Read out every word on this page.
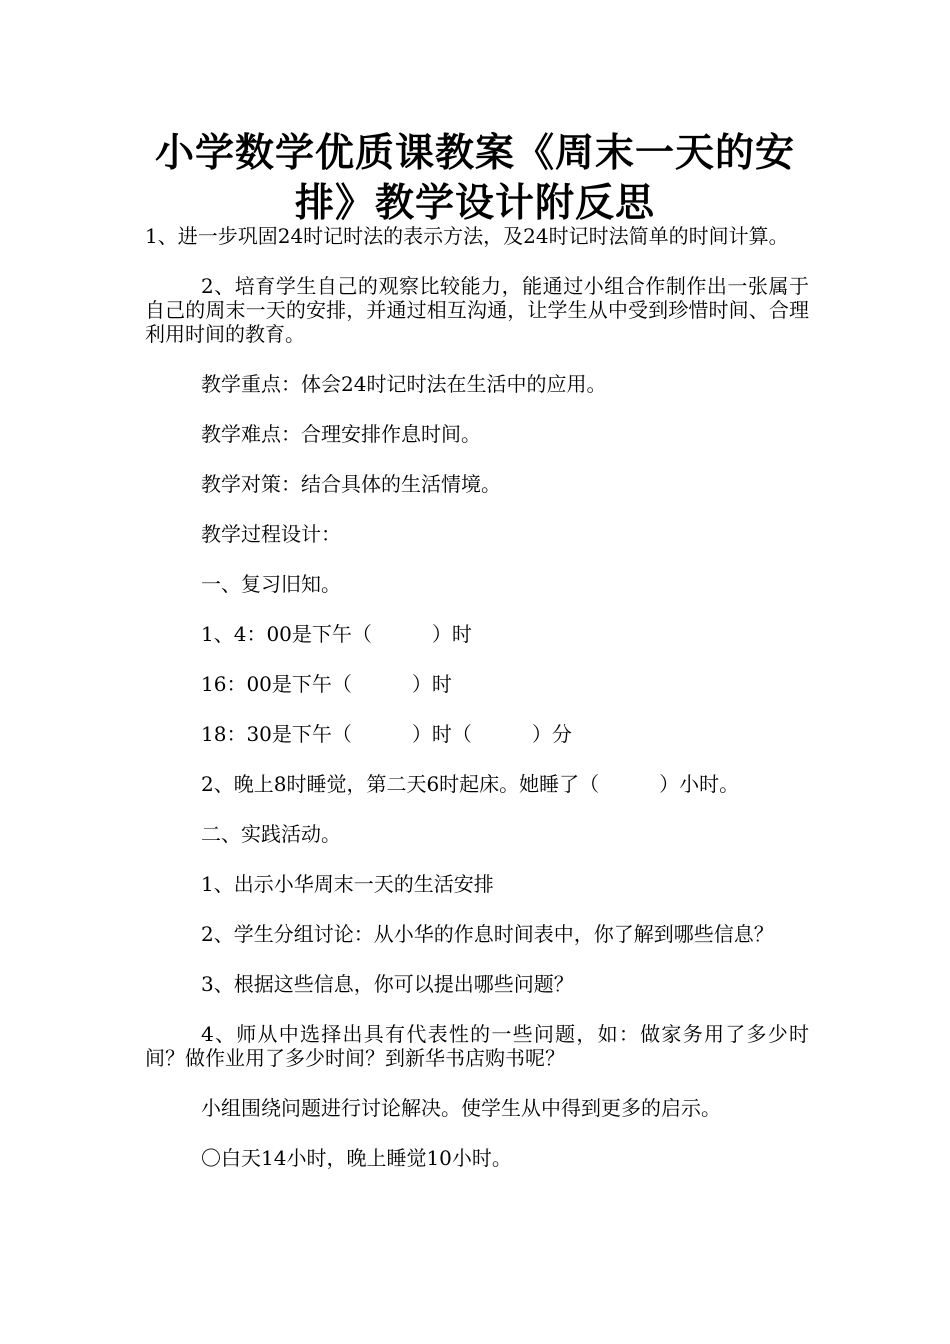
小学数学优质课教案《周末一天的安排》教学设计附反思

1、进一步巩固24时记时法的表示方法，及24时记时法简单的时间计算。

2、培育学生自己的观察比较能力，能通过小组合作制作出一张属于自己的周末一天的安排，并通过相互沟通，让学生从中受到珍惜时间、合理利用时间的教育。

教学重点：体会24时记时法在生活中的应用。

教学难点：合理安排作息时间。

教学对策：结合具体的生活情境。

教学过程设计：

一、复习旧知。

1、4：00是下午（　　　）时

16：00是下午（　　　）时

18：30是下午（　　　）时（　　　）分

2、晚上8时睡觉，第二天6时起床。她睡了（　　　）小时。

二、实践活动。

1、出示小华周末一天的生活安排

2、学生分组讨论：从小华的作息时间表中，你了解到哪些信息？

3、根据这些信息，你可以提出哪些问题？

4、师从中选择出具有代表性的一些问题，如：做家务用了多少时间？做作业用了多少时间？到新华书店购书呢？

小组围绕问题进行讨论解决。使学生从中得到更多的启示。

〇白天14小时，晚上睡觉10小时。
